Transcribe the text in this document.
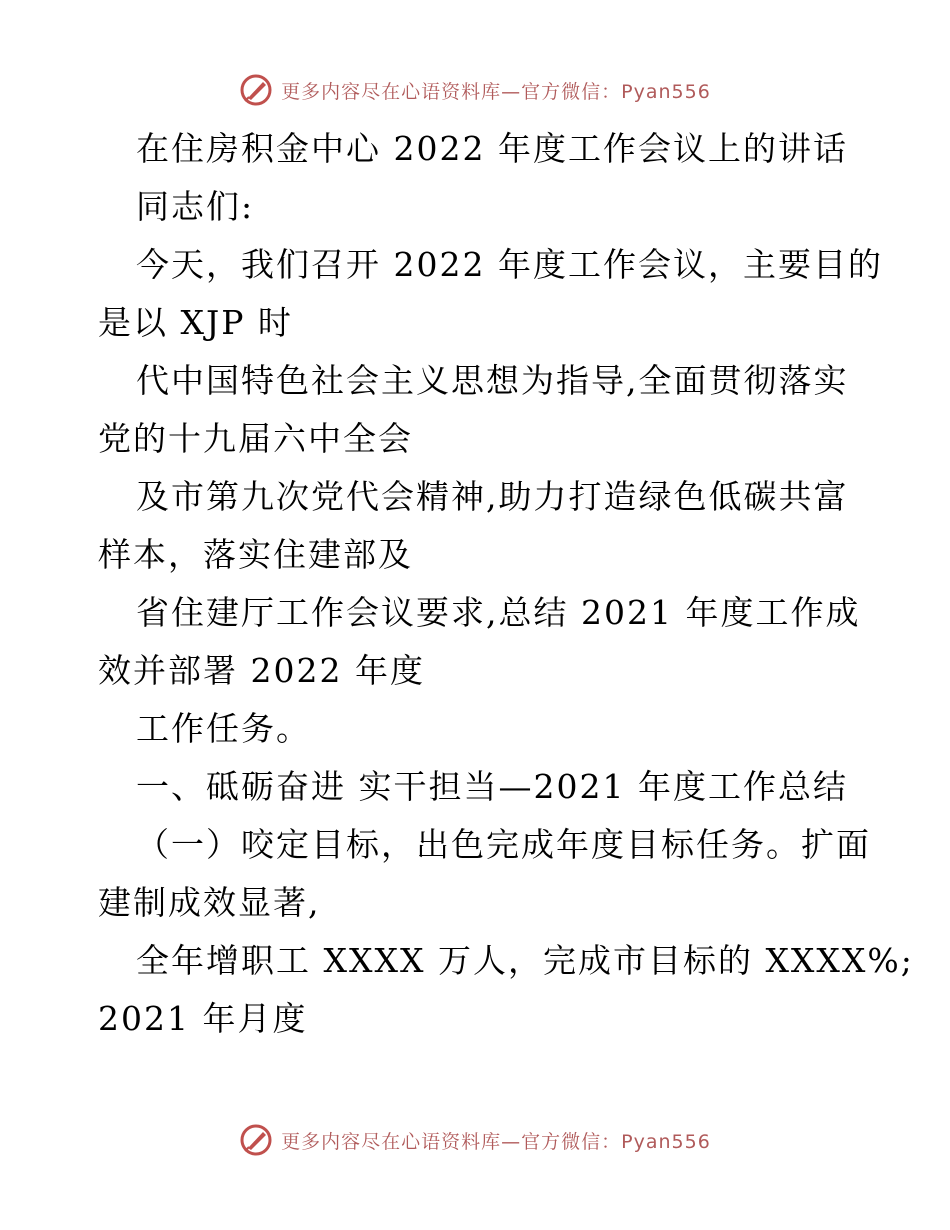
更多内容尽在心语资料库—官方微信：Pyan556
在住房积金中心 2022 年度工作会议上的讲话
同志们:
今天，我们召开 2022 年度工作会议，主要目的
是以 XJP 时
代中国特色社会主义思想为指导,全面贯彻落实
党的十九届六中全会
及市第九次党代会精神,助力打造绿色低碳共富
样本，落实住建部及
省住建厅工作会议要求,总结 2021 年度工作成
效并部署 2022 年度
工作任务。
一、砥砺奋进 实干担当—2021 年度工作总结
（一）咬定目标，出色完成年度目标任务。扩面
建制成效显著,
全年增职工 XXXX 万人，完成市目标的 XXXX%;
2021 年月度
更多内容尽在心语资料库—官方微信：Pyan556
